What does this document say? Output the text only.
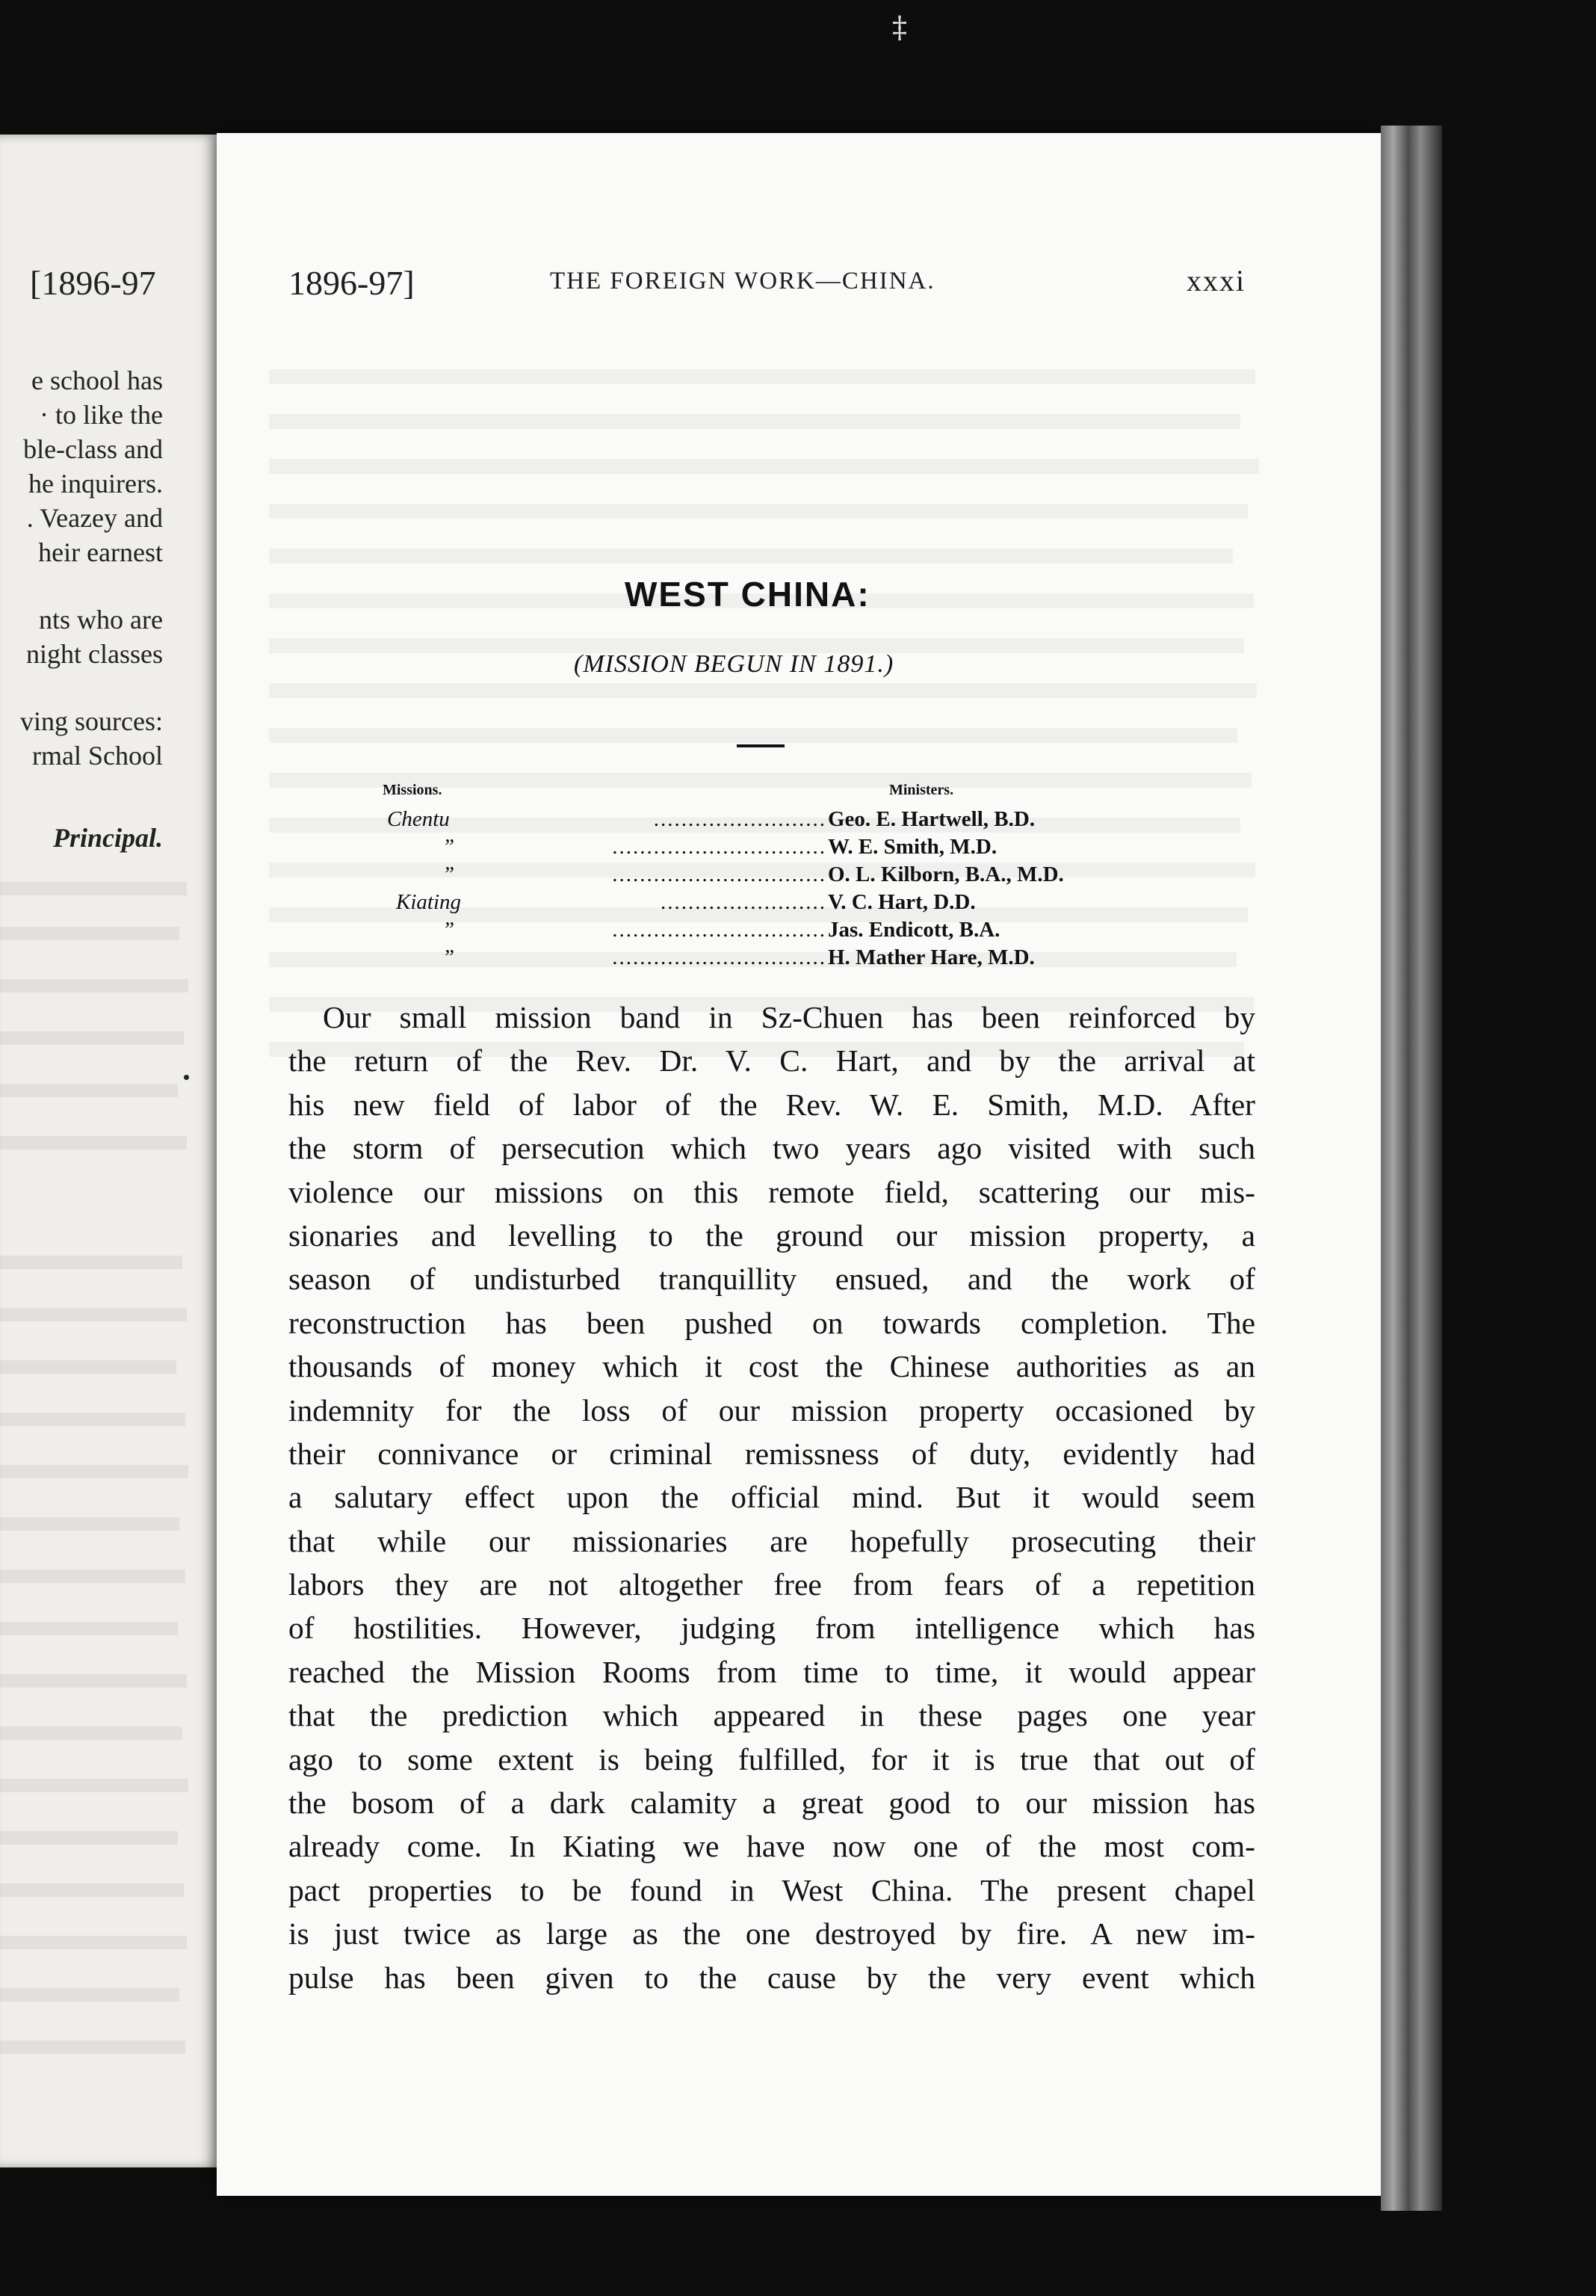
‡
[1896-97
e school has
· to like the
ble-class and
he inquirers.
. Veazey and
heir earnest
nts who are
night classes
ving sources:
rmal School
Principal.
1896-97]	THE FOREIGN WORK—CHINA.	xxxi
WEST CHINA:
(MISSION BEGUN IN 1891.)
Missions.	Ministers.
Chentu	......................... Geo. E. Hartwell, B.D.
”	............................... W. E. Smith, M.D.
”	............................... O. L. Kilborn, B.A., M.D.
Kiating	........................ V. C. Hart, D.D.
”	............................... Jas. Endicott, B.A.
”	............................... H. Mather Hare, M.D.
Our small mission band in Sz-Chuen has been reinforced by
the return of the Rev. Dr. V. C. Hart, and by the arrival at
his new field of labor of the Rev. W. E. Smith, M.D. After
the storm of persecution which two years ago visited with such
violence our missions on this remote field, scattering our mis-
sionaries and levelling to the ground our mission property, a
season of undisturbed tranquillity ensued, and the work of
reconstruction has been pushed on towards completion. The
thousands of money which it cost the Chinese authorities as an
indemnity for the loss of our mission property occasioned by
their connivance or criminal remissness of duty, evidently had
a salutary effect upon the official mind. But it would seem
that while our missionaries are hopefully prosecuting their
labors they are not altogether free from fears of a repetition
of hostilities. However, judging from intelligence which has
reached the Mission Rooms from time to time, it would appear
that the prediction which appeared in these pages one year
ago to some extent is being fulfilled, for it is true that out of
the bosom of a dark calamity a great good to our mission has
already come. In Kiating we have now one of the most com-
pact properties to be found in West China. The present chapel
is just twice as large as the one destroyed by fire. A new im-
pulse has been given to the cause by the very event which
